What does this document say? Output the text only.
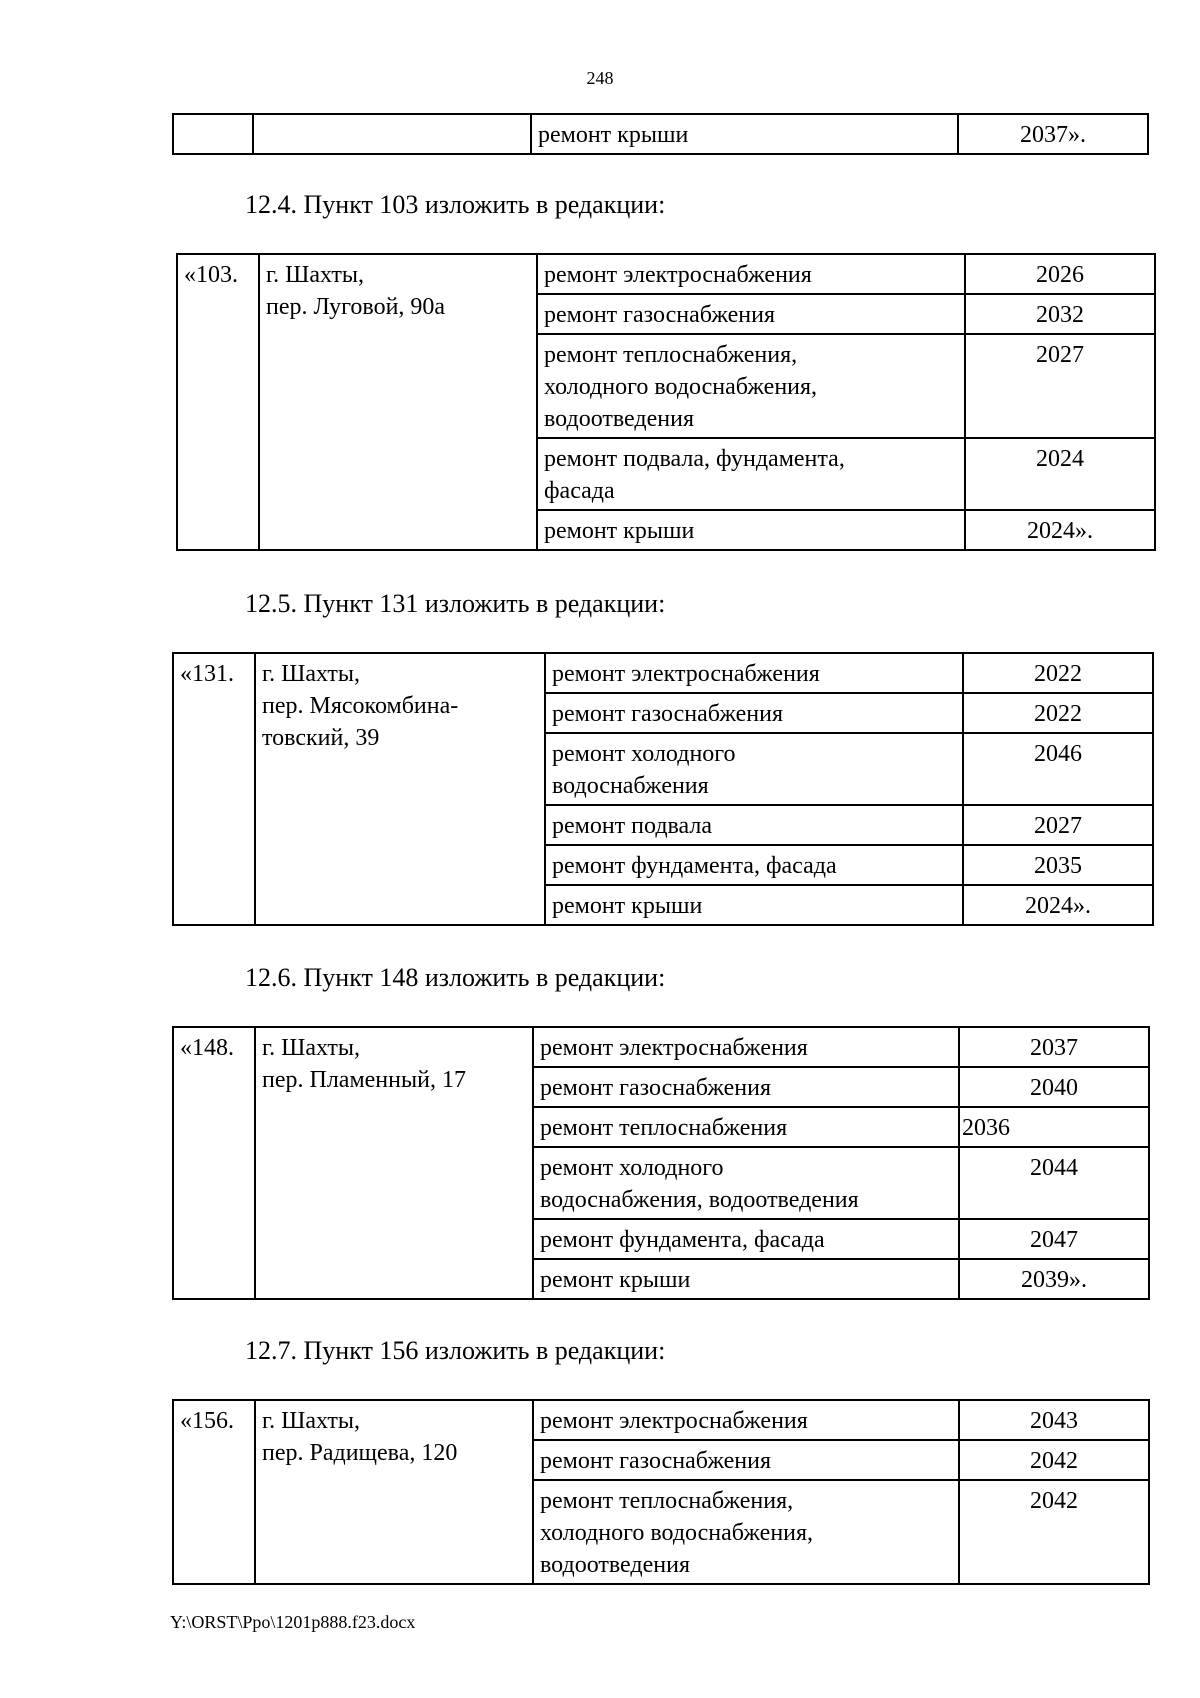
248
		ремонт крыши	2037».
12.4. Пункт 103 изложить в редакции:
«103.	г. Шахты,
пер. Луговой, 90а	ремонт электроснабжения	2026
		ремонт газоснабжения	2032

		ремонт теплоснабжения,
холодного водоснабжения,
водоотведения	2027

		ремонт подвала, фундамента,
фасада	2024
		ремонт крыши	2024».
12.5. Пункт 131 изложить в редакции:
«131.	г. Шахты,
пер. Мясокомбина-
товский, 39	ремонт электроснабжения	2022
		ремонт газоснабжения	2022

		ремонт холодного
водоснабжения	2046
		ремонт подвала	2027
		ремонт фундамента, фасада	2035
		ремонт крыши	2024».
12.6. Пункт 148 изложить в редакции:
«148.	г. Шахты,
пер. Пламенный, 17	ремонт электроснабжения	2037
		ремонт газоснабжения	2040
		ремонт теплоснабжения	2036

		ремонт холодного
водоснабжения, водоотведения	2044
		ремонт фундамента, фасада	2047
		ремонт крыши	2039».
12.7. Пункт 156 изложить в редакции:
«156.	г. Шахты,
пер. Радищева, 120	ремонт электроснабжения	2043
		ремонт газоснабжения	2042

		ремонт теплоснабжения,
холодного водоснабжения,
водоотведения	2042
Y:\ORST\Ppo\1201p888.f23.docx
